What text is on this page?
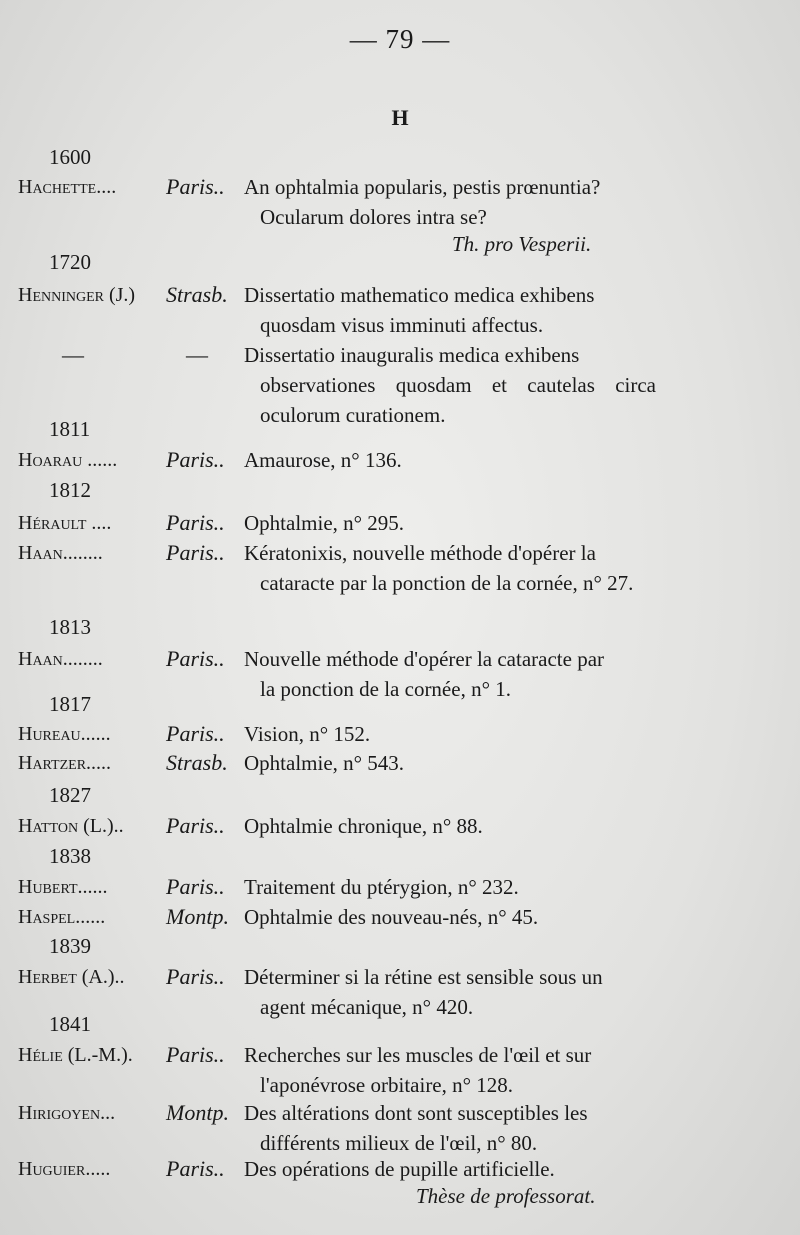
— 79 —
H
1600
Hachette.... Paris.. An ophtalmia popularis, pestis prœnuntia?
Ocularum dolores intra se?
Th. pro Vesperii.
1720
Henninger (J.) Strasb. Dissertatio mathematico medica exhibens
quosdam visus imminuti affectus.
—	— Dissertatio inauguralis medica exhibens
observationes quosdam et cautelas circa oculorum curationem.
1811
Hoarau ...... Paris.. Amaurose, n° 136.
1812
Hérault .... Paris.. Ophtalmie, n° 295.
Haan........	Paris.. Kératonixis, nouvelle méthode d'opérer la
cataracte par la ponction de la cornée, n° 27.
1813
Haan........	Paris.. Nouvelle méthode d'opérer la cataracte par
la ponction de la cornée, n° 1.
1817
Hureau......	Paris.. Vision, n° 152.
Hartzer..... Strasb. Ophtalmie, n° 543.
1827
Hatton (L.).. Paris.. Ophtalmie chronique, n° 88.
1838
Hubert......	Paris.. Traitement du ptérygion, n° 232.
Haspel......	Montp. Ophtalmie des nouveau-nés, n° 45.
1839
Herbet (A.).. Paris.. Déterminer si la rétine est sensible sous un
agent mécanique, n° 420.
1841
Hélie (L.-M.). Paris.. Recherches sur les muscles de l'œil et sur
l'aponévrose orbitaire, n° 128.
Hirigoyen... Montp. Des altérations dont sont susceptibles les
différents milieux de l'œil, n° 80.
Huguier.....	Paris.. Des opérations de pupille artificielle.
Thèse de professorat.
